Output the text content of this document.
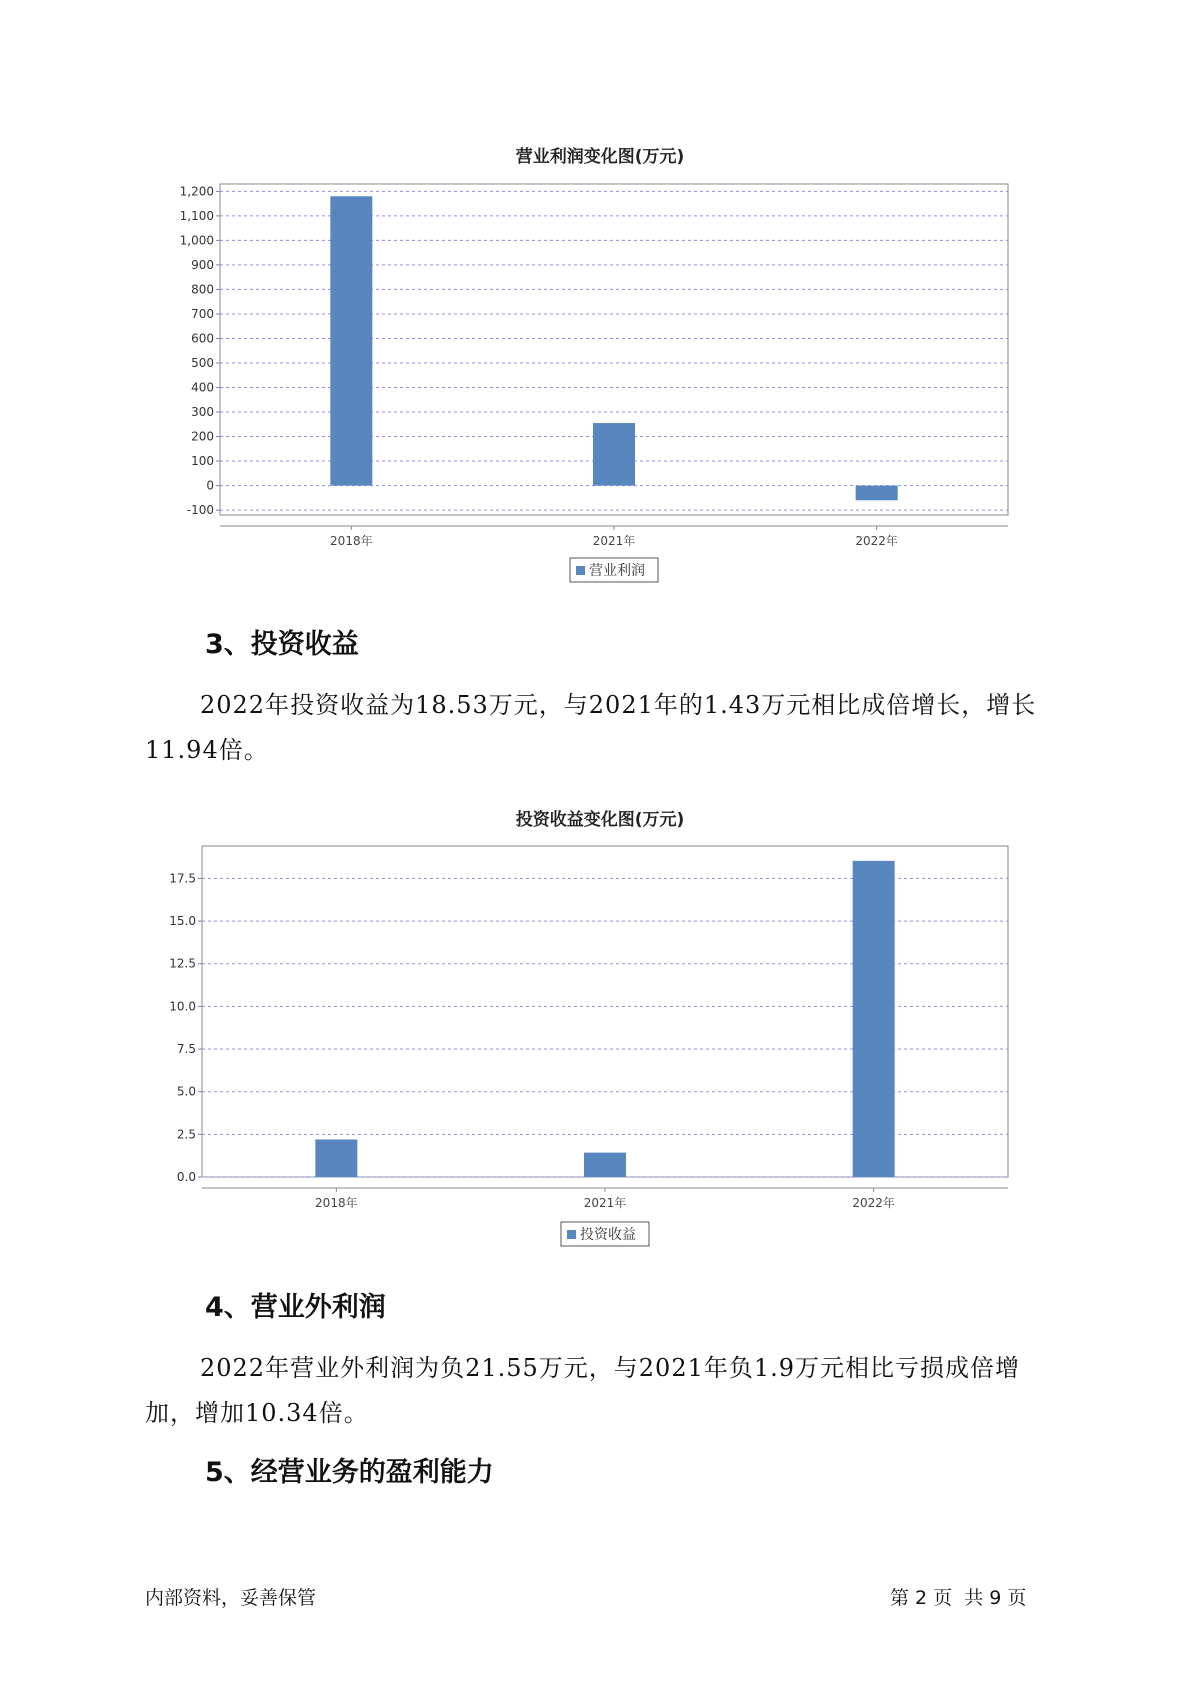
营业利润变化图(万元)
1,200
1,100
1,000
900
800
700
600
500
400
300
200
100
0
-100
2018年	2021年	2022年
营业利润
3、投资收益
2022年投资收益为18.53万元，与2021年的1.43万元相比成倍增长，增长11.94倍。
投资收益变化图(万元)
17.5
15.0
12.5
10.0
7.5
5.0
2.5
0.0
2018年	2021年	2022年
投资收益
4、营业外利润
2022年营业外利润为负21.55万元，与2021年负1.9万元相比亏损成倍增加，增加10.34倍。
5、经营业务的盈利能力
内部资料，妥善保管	第 2 页  共 9 页
